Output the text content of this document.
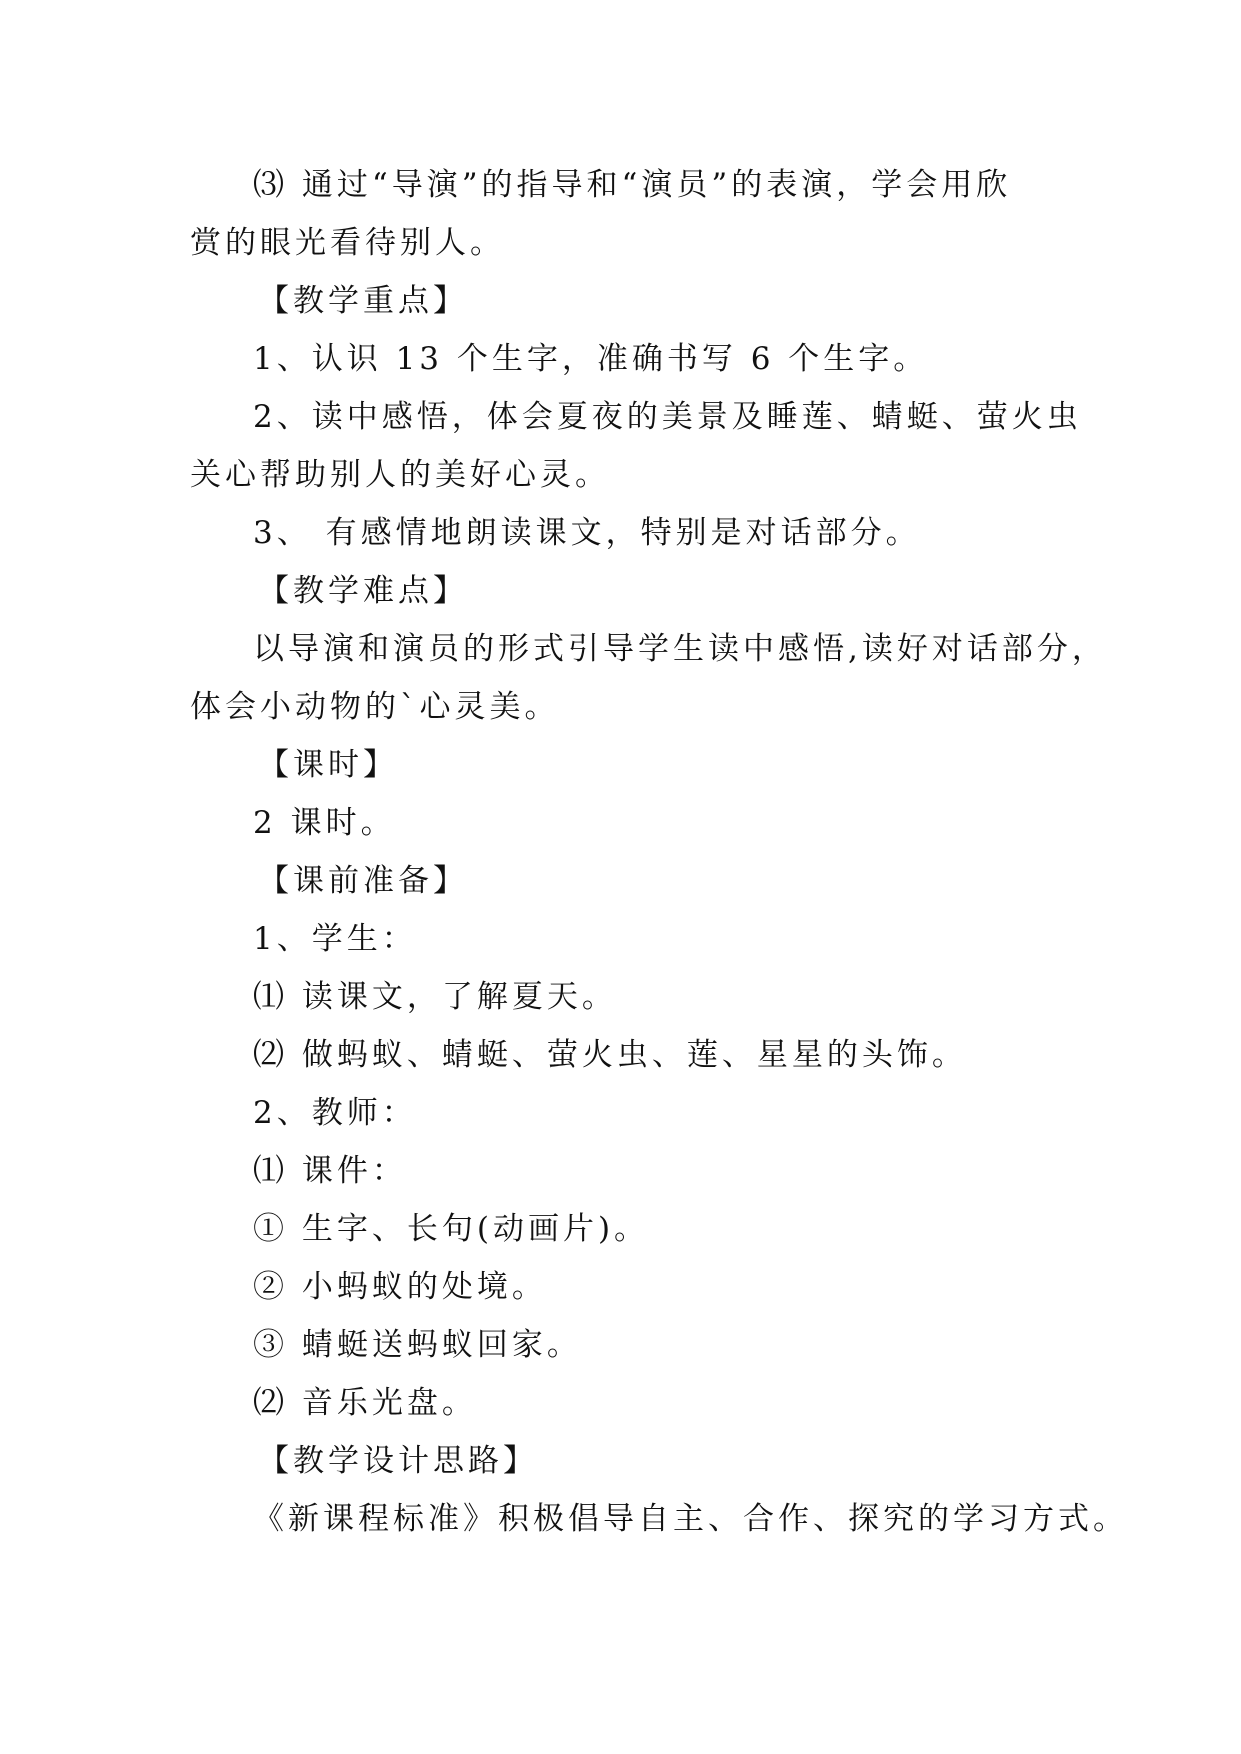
⑶ 通过“导演”的指导和“演员”的表演，学会用欣
赏的眼光看待别人。
【教学重点】
1、认识 13 个生字，准确书写 6 个生字。
2、读中感悟，体会夏夜的美景及睡莲、蜻蜓、萤火虫
关心帮助别人的美好心灵。
3、 有感情地朗读课文，特别是对话部分。
【教学难点】
以导演和演员的形式引导学生读中感悟,读好对话部分，
体会小动物的`心灵美。
【课时】
2 课时。
【课前准备】
1、学生：
⑴ 读课文，了解夏天。
⑵ 做蚂蚁、蜻蜓、萤火虫、莲、星星的头饰。
2、教师：
⑴ 课件：
① 生字、长句(动画片)。
② 小蚂蚁的处境。
③ 蜻蜓送蚂蚁回家。
⑵ 音乐光盘。
【教学设计思路】
《新课程标准》积极倡导自主、合作、探究的学习方式。
